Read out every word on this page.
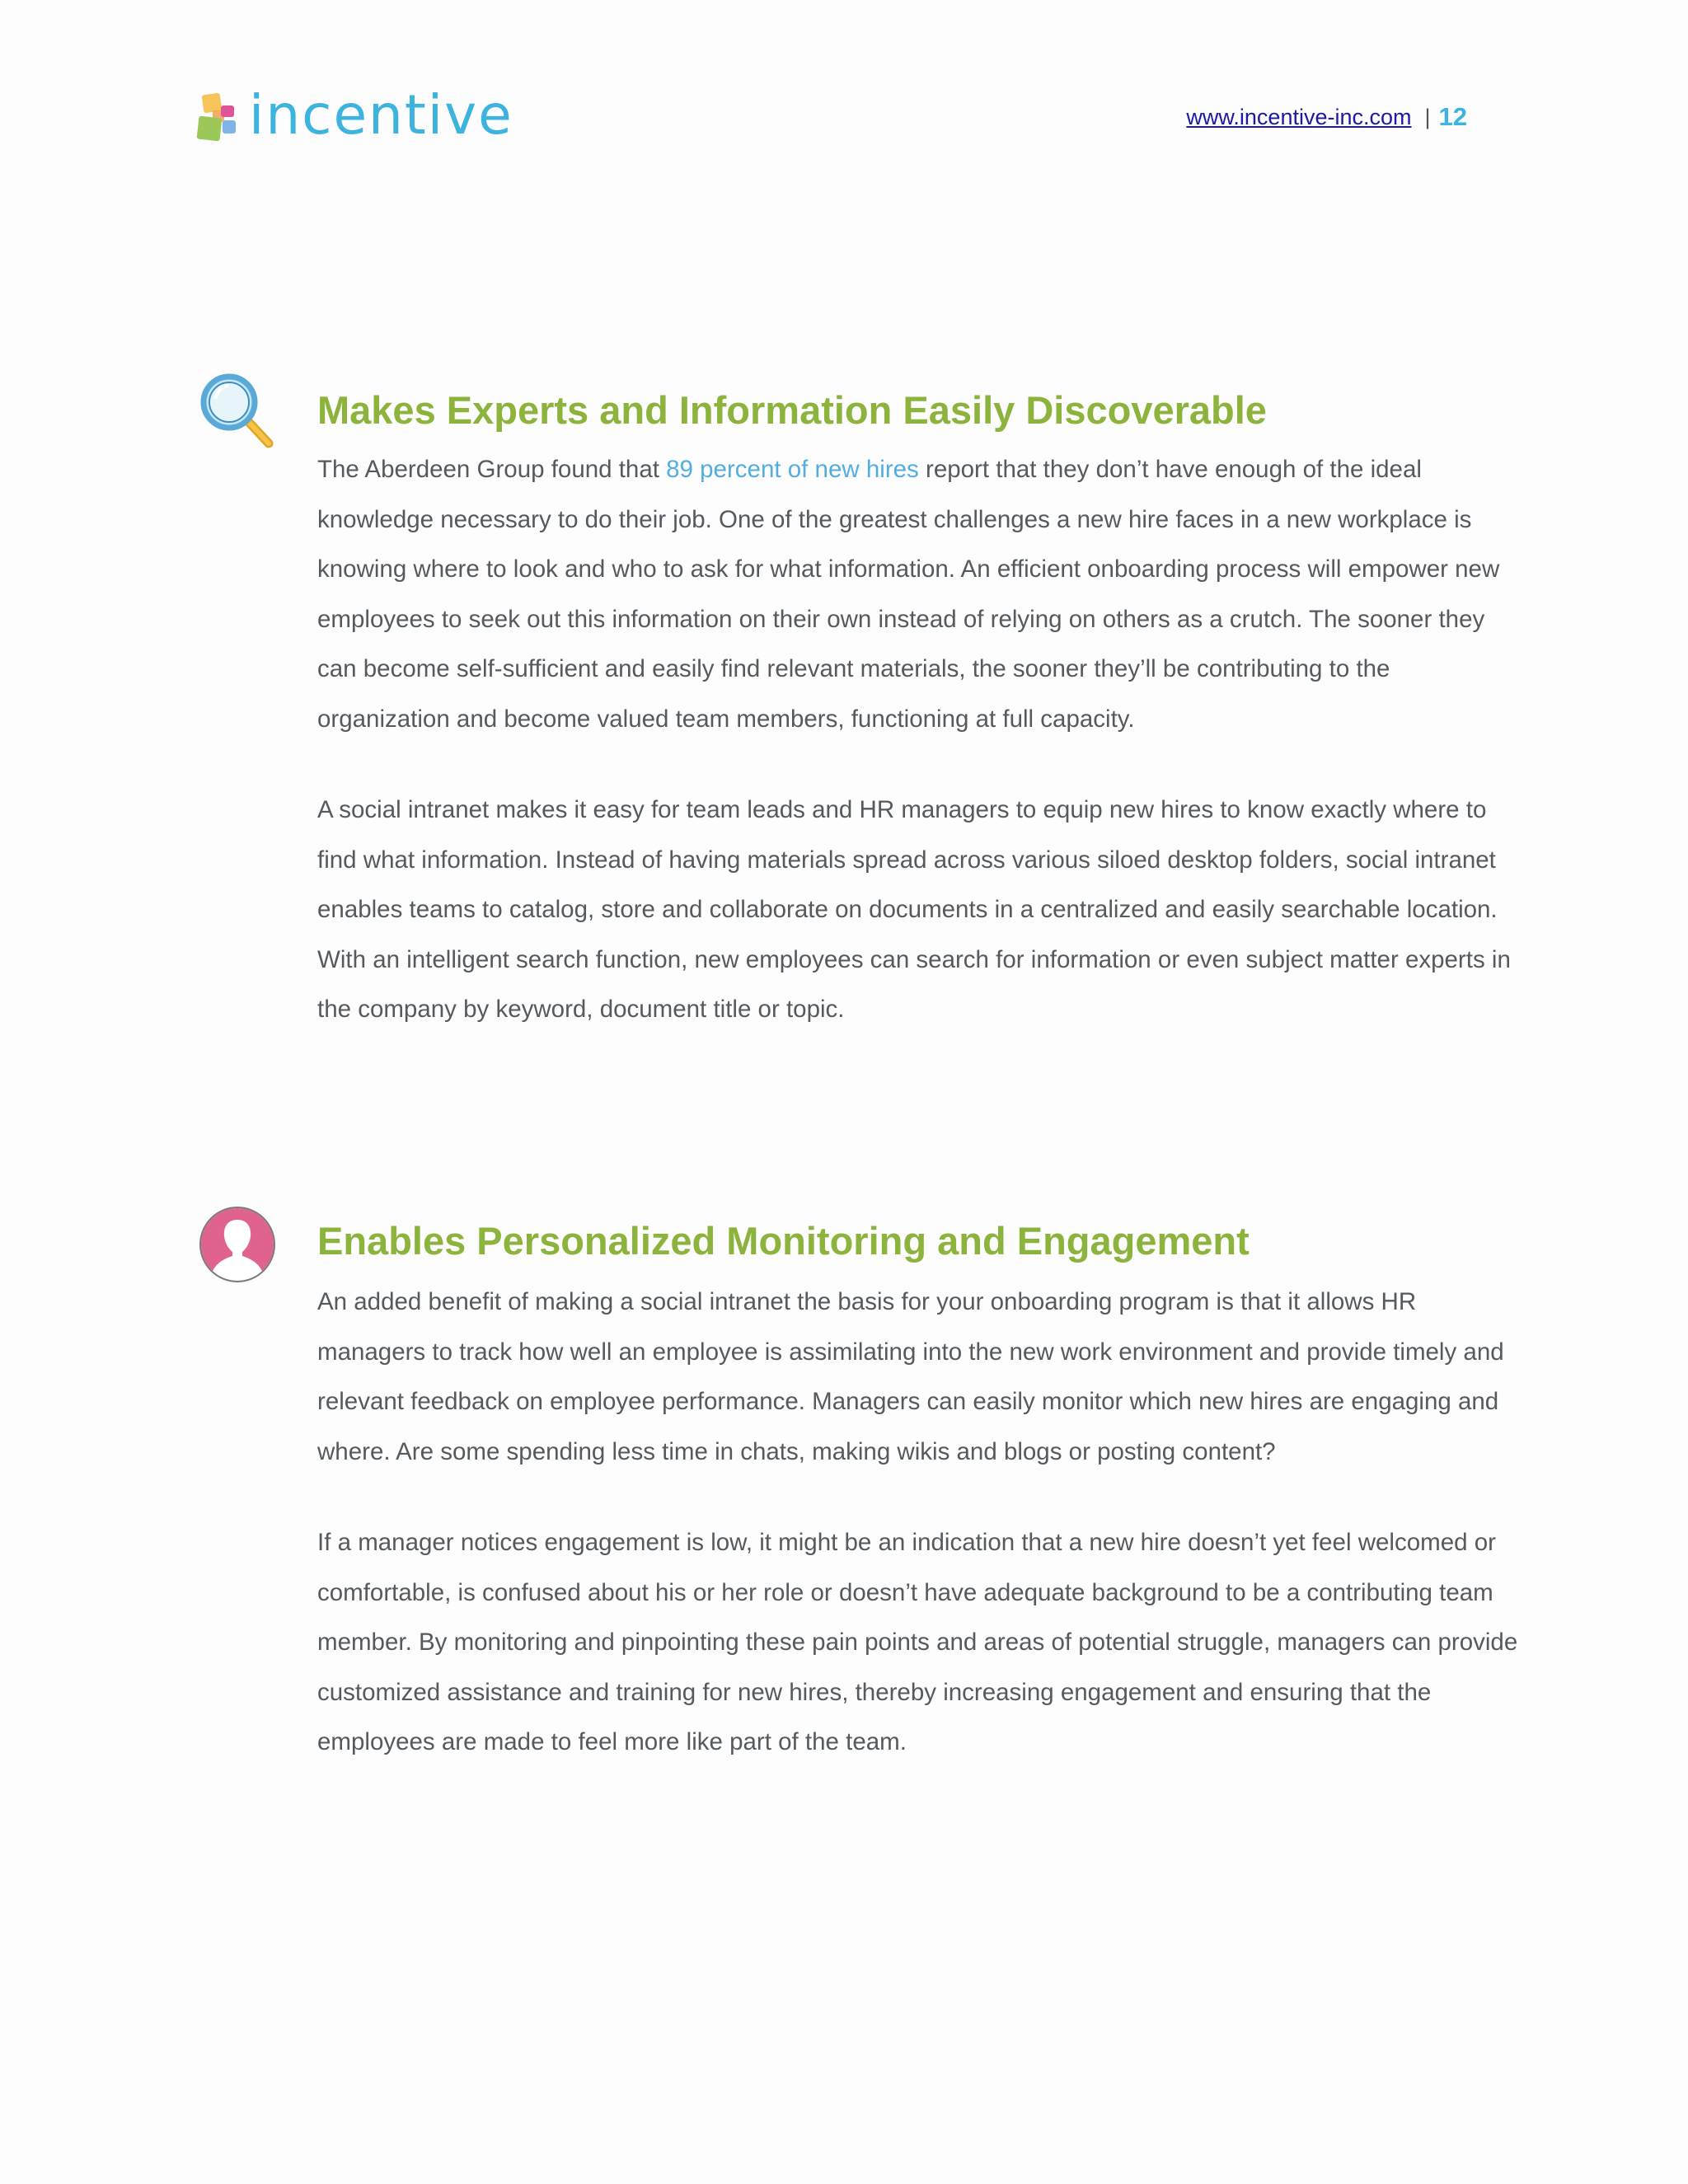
incentive	www.incentive-inc.com | 12
Makes Experts and Information Easily Discoverable

The Aberdeen Group found that 89 percent of new hires report that they don’t have enough of the ideal knowledge necessary to do their job. One of the greatest challenges a new hire faces in a new workplace is knowing where to look and who to ask for what information. An efficient onboarding process will empower new employees to seek out this information on their own instead of relying on others as a crutch. The sooner they can become self-sufficient and easily find relevant materials, the sooner they’ll be contributing to the organization and become valued team members, functioning at full capacity.

A social intranet makes it easy for team leads and HR managers to equip new hires to know exactly where to find what information. Instead of having materials spread across various siloed desktop folders, social intranet enables teams to catalog, store and collaborate on documents in a centralized and easily searchable location. With an intelligent search function, new employees can search for information or even subject matter experts in the company by keyword, document title or topic.

Enables Personalized Monitoring and Engagement

An added benefit of making a social intranet the basis for your onboarding program is that it allows HR managers to track how well an employee is assimilating into the new work environment and provide timely and relevant feedback on employee performance. Managers can easily monitor which new hires are engaging and where. Are some spending less time in chats, making wikis and blogs or posting content?

If a manager notices engagement is low, it might be an indication that a new hire doesn’t yet feel welcomed or comfortable, is confused about his or her role or doesn’t have adequate background to be a contributing team member. By monitoring and pinpointing these pain points and areas of potential struggle, managers can provide customized assistance and training for new hires, thereby increasing engagement and ensuring that the employees are made to feel more like part of the team.
